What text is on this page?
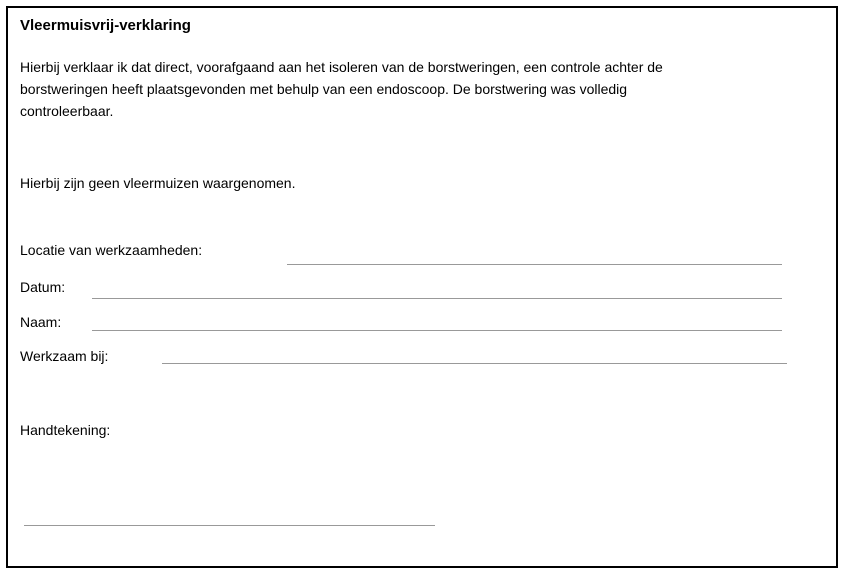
Vleermuisvrij-verklaring
Hierbij verklaar ik dat direct, voorafgaand aan het isoleren van de borstweringen, een controle achter de
borstweringen heeft plaatsgevonden met behulp van een endoscoop. De borstwering was volledig
controleerbaar.
Hierbij zijn geen vleermuizen waargenomen.
Locatie van werkzaamheden:
Datum:
Naam:
Werkzaam bij:
Handtekening:
